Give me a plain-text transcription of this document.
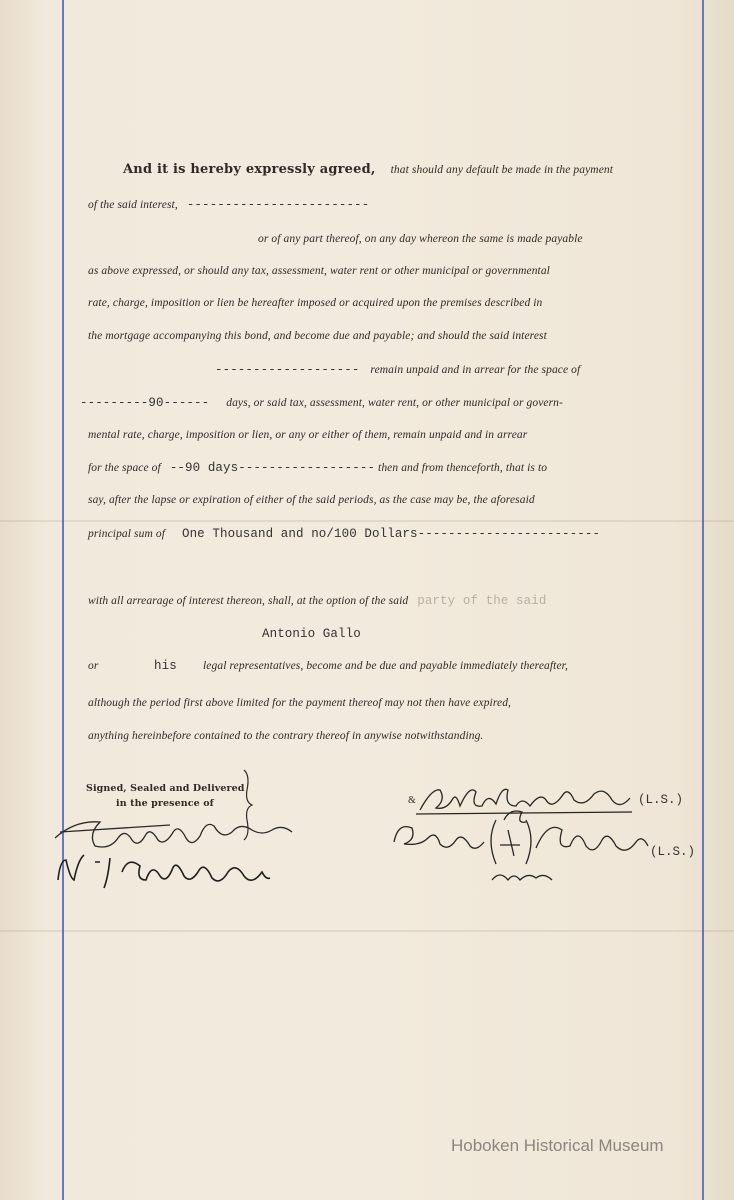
And it is hereby expressly agreed, that should any default be made in the payment
of the said interest, ------------------------
or of any part thereof, on any day whereon the same is made payable
as above expressed, or should any tax, assessment, water rent or other municipal or governmental
rate, charge, imposition or lien be hereafter imposed or acquired upon the premises described in
the mortgage accompanying this bond, and become due and payable; and should the said interest
------------------- remain unpaid and in arrear for the space of
---------90------ days, or said tax, assessment, water rent, or other municipal or govern-
mental rate, charge, imposition or lien, or any or either of them, remain unpaid and in arrear
for the space of --90 days------------------ then and from thenceforth, that is to
say, after the lapse or expiration of either of the said periods, as the case may be, the aforesaid
principal sum of One Thousand and no/100 Dollars------------------------
with all arrearage of interest thereon, shall, at the option of the said party of the said
Antonio Gallo
or	his legal representatives, become and be due and payable immediately thereafter,
although the period first above limited for the payment thereof may not then have expired,
anything hereinbefore contained to the contrary thereof in anywise notwithstanding.
Signed, Sealed and Delivered
in the presence of	&	(L.S.)
(L.S.)
Hoboken Historical Museum
